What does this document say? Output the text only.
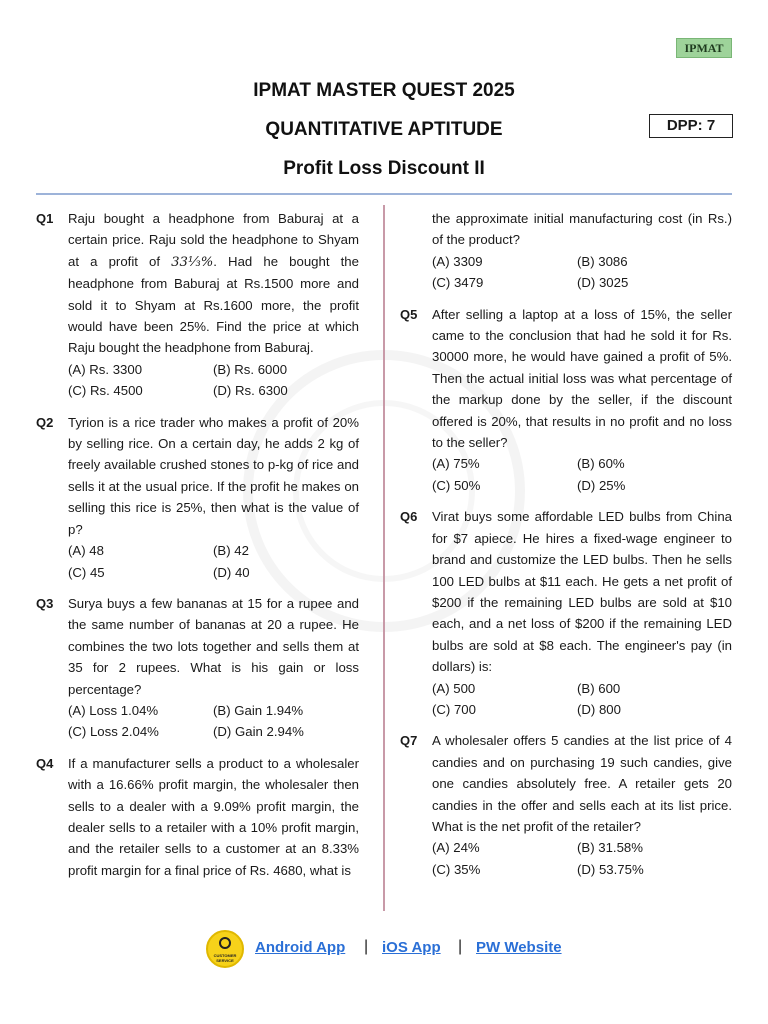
IPMAT
IPMAT MASTER QUEST 2025
QUANTITATIVE APTITUDE
Profit Loss Discount II
DPP: 7
Q1 Raju bought a headphone from Baburaj at a certain price. Raju sold the headphone to Shyam at a profit of 33⅓%. Had he bought the headphone from Baburaj at Rs.1500 more and sold it to Shyam at Rs.1600 more, the profit would have been 25%. Find the price at which Raju bought the headphone from Baburaj.
(A) Rs. 3300	(B) Rs. 6000
(C) Rs. 4500	(D) Rs. 6300
Q2 Tyrion is a rice trader who makes a profit of 20% by selling rice. On a certain day, he adds 2 kg of freely available crushed stones to p-kg of rice and sells it at the usual price. If the profit he makes on selling this rice is 25%, then what is the value of p?
(A) 48	(B) 42
(C) 45	(D) 40
Q3 Surya buys a few bananas at 15 for a rupee and the same number of bananas at 20 a rupee. He combines the two lots together and sells them at 35 for 2 rupees. What is his gain or loss percentage?
(A) Loss 1.04%	(B) Gain 1.94%
(C) Loss 2.04%	(D) Gain 2.94%
Q4 If a manufacturer sells a product to a wholesaler with a 16.66% profit margin, the wholesaler then sells to a dealer with a 9.09% profit margin, the dealer sells to a retailer with a 10% profit margin, and the retailer sells to a customer at an 8.33% profit margin for a final price of Rs. 4680, what is
the approximate initial manufacturing cost (in Rs.) of the product?
(A) 3309	(B) 3086
(C) 3479	(D) 3025
Q5 After selling a laptop at a loss of 15%, the seller came to the conclusion that had he sold it for Rs. 30000 more, he would have gained a profit of 5%. Then the actual initial loss was what percentage of the markup done by the seller, if the discount offered is 20%, that results in no profit and no loss to the seller?
(A) 75%	(B) 60%
(C) 50%	(D) 25%
Q6 Virat buys some affordable LED bulbs from China for $7 apiece. He hires a fixed-wage engineer to brand and customize the LED bulbs. Then he sells 100 LED bulbs at $11 each. He gets a net profit of $200 if the remaining LED bulbs are sold at $10 each, and a net loss of $200 if the remaining LED bulbs are sold at $8 each. The engineer's pay (in dollars) is:
(A) 500	(B) 600
(C) 700	(D) 800
Q7 A wholesaler offers 5 candies at the list price of 4 candies and on purchasing 19 such candies, give one candies absolutely free. A retailer gets 20 candies in the offer and sells each at its list price. What is the net profit of the retailer?
(A) 24%	(B) 31.58%
(C) 35%	(D) 53.75%
CUSTOMER SERVICE
Android App | iOS App | PW Website
